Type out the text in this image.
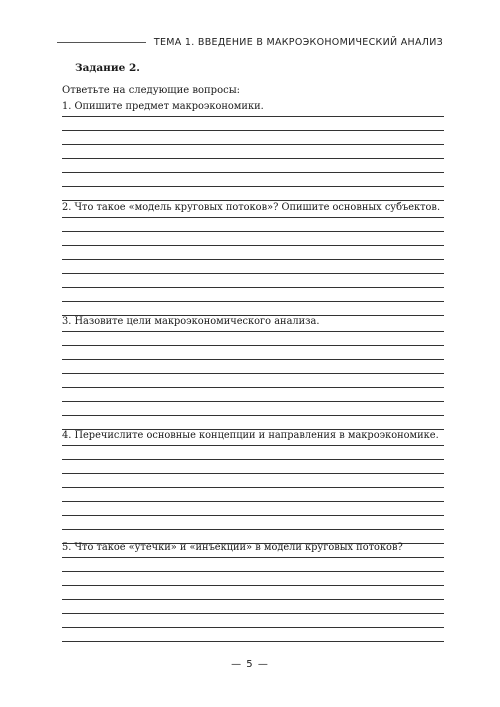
ТЕМА 1. ВВЕДЕНИЕ В МАКРОЭКОНОМИЧЕСКИЙ АНАЛИЗ
Задание 2.
Ответьте на следующие вопросы:
1. Опишите предмет макроэкономики.
2. Что такое «модель круговых потоков»? Опишите основных субъектов.
3. Назовите цели макроэкономического анализа.
4. Перечислите основные концепции и направления в макроэкономике.
5. Что такое «утечки» и «инъекции» в модели круговых потоков?
— 5 —
